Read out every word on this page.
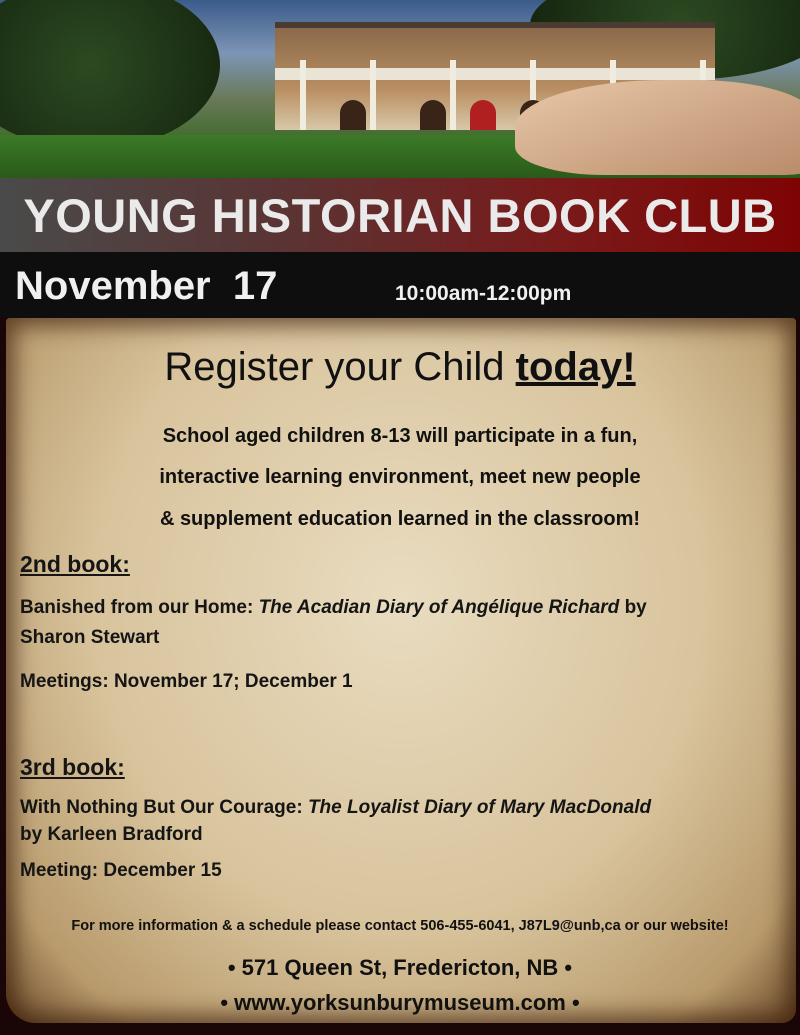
YOUNG HISTORIAN BOOK CLUB
November  17	10:00am-12:00pm
Register your Child today!
School aged children 8-13 will participate in a fun,
interactive learning environment, meet new people
& supplement education learned in the classroom!
2nd book:
Banished from our Home: The Acadian Diary of Angélique Richard by
Sharon Stewart
Meetings: November 17; December 1
3rd book:
With Nothing But Our Courage: The Loyalist Diary of Mary MacDonald
by Karleen Bradford
Meeting: December 15
For more information & a schedule please contact 506-455-6041, J87L9@unb,ca or our website!
• 571 Queen St, Fredericton, NB •
• www.yorksunburymuseum.com •
